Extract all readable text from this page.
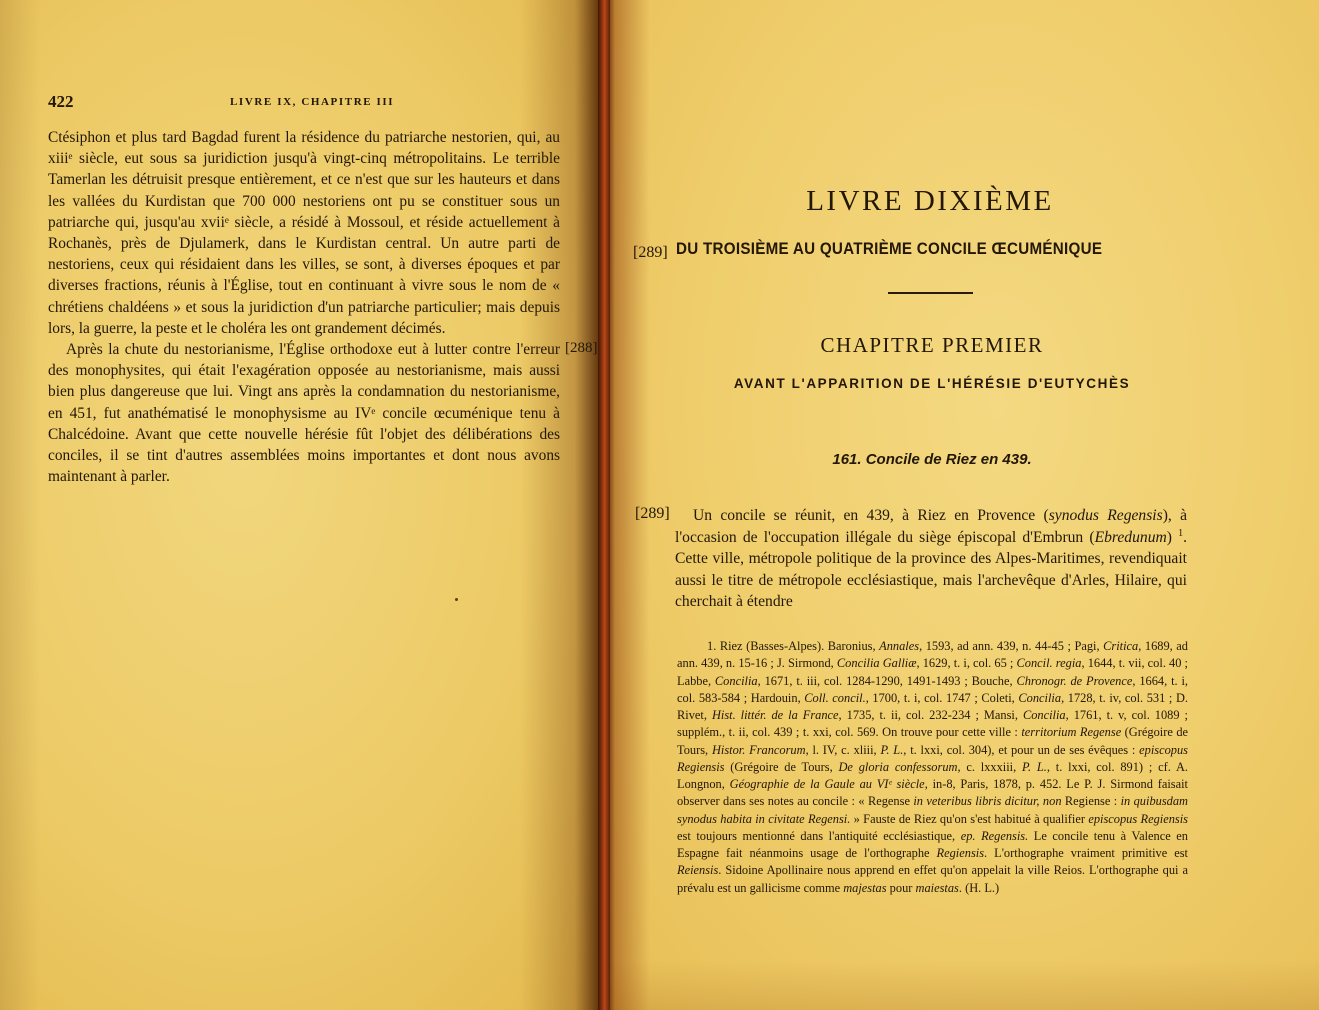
422	LIVRE IX, CHAPITRE III

Ctésiphon et plus tard Bagdad furent la résidence du patriarche nestorien, qui, au xiiiᵉ siècle, eut sous sa juridiction jusqu'à vingt-cinq métropolitains. Le terrible Tamerlan les détruisit presque entièrement, et ce n'est que sur les hauteurs et dans les vallées du Kurdistan que 700 000 nestoriens ont pu se constituer sous un patriarche qui, jusqu'au xviiᵉ siècle, a résidé à Mossoul, et réside actuellement à Rochanès, près de Djulamerk, dans le Kurdistan central. Un autre parti de nestoriens, ceux qui résidaient dans les villes, se sont, à diverses époques et par diverses fractions, réunis à l'Église, tout en continuant à vivre sous le nom de « chrétiens chaldéens » et sous la juridiction d'un patriarche particulier; mais depuis lors, la guerre, la peste et le choléra les ont grandement décimés.

Après la chute du nestorianisme, l'Église orthodoxe eut à lutter contre l'erreur des monophysites, qui était l'exagération opposée au nestorianisme, mais aussi bien plus dangereuse que lui. Vingt ans après la condamnation du nestorianisme, en 451, fut anathématisé le monophysisme au IVᵉ concile œcuménique tenu à Chalcédoine. Avant que cette nouvelle hérésie fût l'objet des délibérations des conciles, il se tint d'autres assemblées moins importantes et dont nous avons maintenant à parler.

[288]
LIVRE DIXIÈME
[289] DU TROISIÈME AU QUATRIÈME CONCILE ŒCUMÉNIQUE
CHAPITRE PREMIER
AVANT L'APPARITION DE L'HÉRÉSIE D'EUTYCHÈS
161. Concile de Riez en 439.
[289]	Un concile se réunit, en 439, à Riez en Provence (synodus Regensis), à l'occasion de l'occupation illégale du siège épiscopal d'Embrun (Ebredunum) $^1$. Cette ville, métropole politique de la province des Alpes-Maritimes, revendiquait aussi le titre de métropole ecclésiastique, mais l'archevêque d'Arles, Hilaire, qui cherchait à étendre
1. Riez (Basses-Alpes). Baronius, Annales, 1593, ad ann. 439, n. 44-45 ; Pagi, Critica, 1689, ad ann. 439, n. 15-16 ; J. Sirmond, Concilia Galliæ, 1629, t. i, col. 65 ; Concil. regia, 1644, t. vii, col. 40 ; Labbe, Concilia, 1671, t. iii, col. 1284-1290, 1491-1493 ; Bouche, Chronogr. de Provence, 1664, t. i, col. 583-584 ; Hardouin, Coll. concil., 1700, t. i, col. 1747 ; Coleti, Concilia, 1728, t. iv, col. 531 ; D. Rivet, Hist. littér. de la France, 1735, t. ii, col. 232-234 ; Mansi, Concilia, 1761, t. v, col. 1089 ; supplém., t. ii, col. 439 ; t. xxi, col. 569. On trouve pour cette ville : territorium Regense (Grégoire de Tours, Histor. Francorum, l. IV, c. xliii, P. L., t. lxxi, col. 304), et pour un de ses évêques : episcopus Regiensis (Grégoire de Tours, De gloria confessorum, c. lxxxiii, P. L., t. lxxi, col. 891) ; cf. A. Longnon, Géographie de la Gaule au VIᵉ siècle, in-8, Paris, 1878, p. 452. Le P. J. Sirmond faisait observer dans ses notes au concile : « Regense in veteribus libris dicitur, non Regiense : in quibusdam synodus habita in civitate Regensi. » Fauste de Riez qu'on s'est habitué à qualifier episcopus Regiensis est toujours mentionné dans l'antiquité ecclésiastique, ep. Regensis. Le concile tenu à Valence en Espagne fait néanmoins usage de l'orthographe Regiensis. L'orthographe vraiment primitive est Reiensis. Sidoine Apollinaire nous apprend en effet qu'on appelait la ville Reios. L'orthographe qui a prévalu est un gallicisme comme majestas pour maiestas. (H. L.)
